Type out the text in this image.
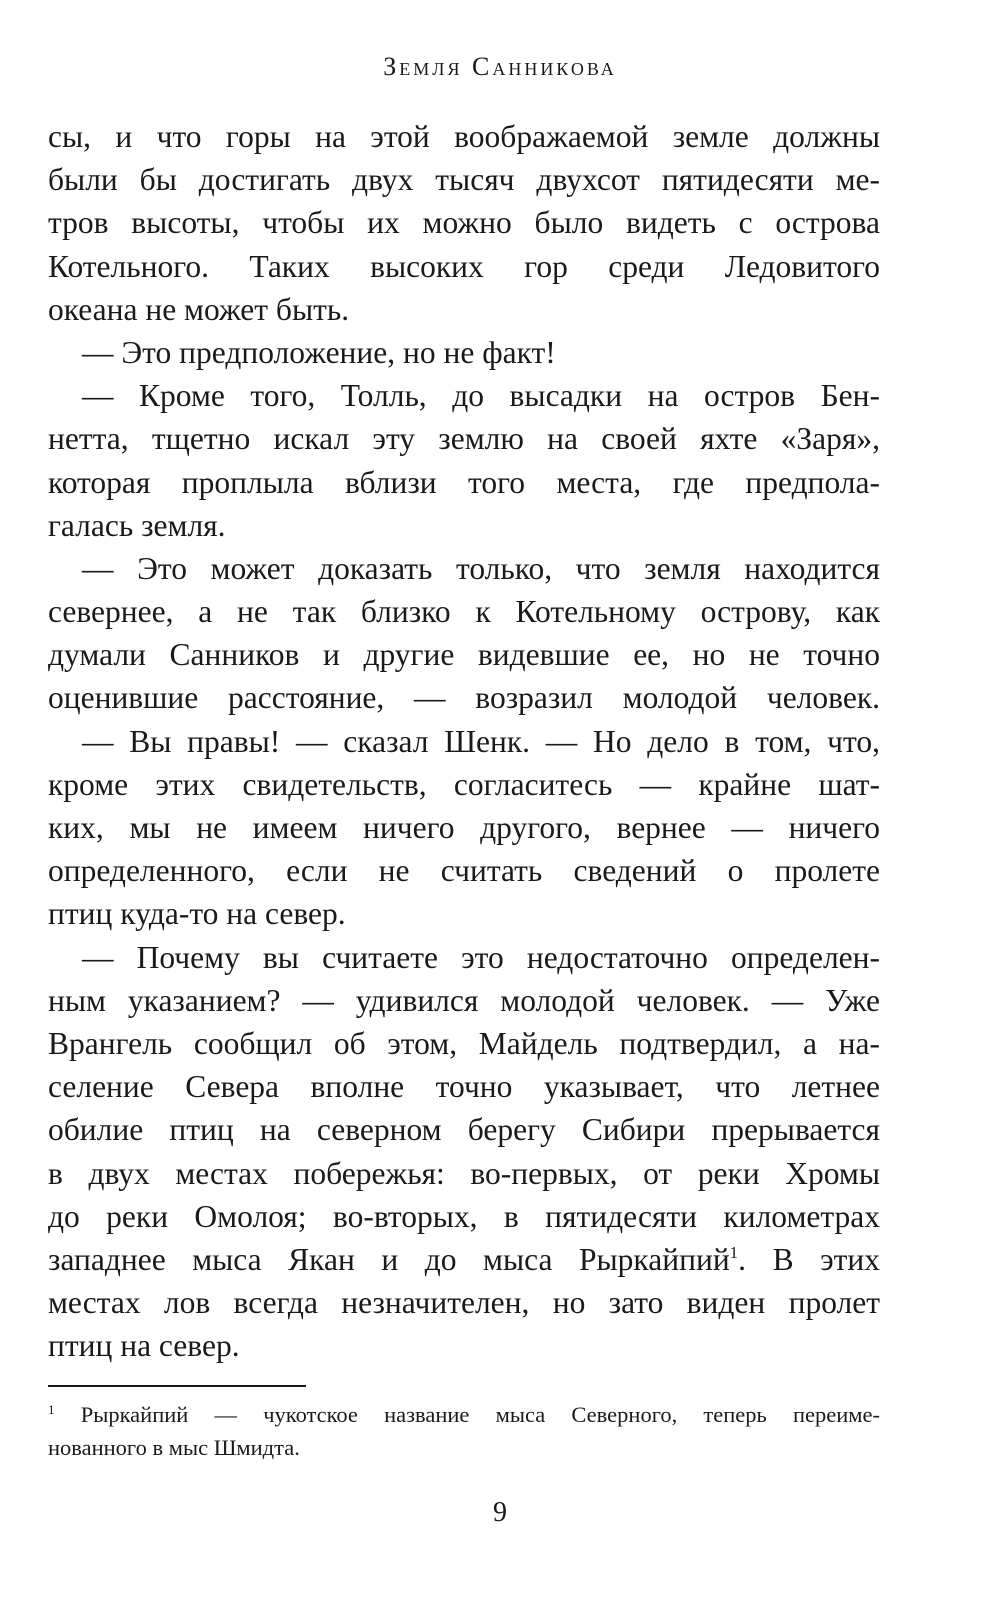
Земля Санникова
сы, и что горы на этой воображаемой земле должны
были бы достигать двух тысяч двухсот пятидесяти ме-
тров высоты, чтобы их можно было видеть с острова
Котельного. Таких высоких гор среди Ледовитого
океана не может быть.
— Это предположение, но не факт!
— Кроме того, Толль, до высадки на остров Бен-
нетта, тщетно искал эту землю на своей яхте «Заря»,
которая проплыла вблизи того места, где предпола-
галась земля.
— Это может доказать только, что земля находится
севернее, а не так близко к Котельному острову, как
думали Санников и другие видевшие ее, но не точно
оценившие расстояние, — возразил молодой человек.
— Вы правы! — сказал Шенк. — Но дело в том, что,
кроме этих свидетельств, согласитесь — крайне шат-
ких, мы не имеем ничего другого, вернее — ничего
определенного, если не считать сведений о пролете
птиц куда-то на север.
— Почему вы считаете это недостаточно определен-
ным указанием? — удивился молодой человек. — Уже
Врангель сообщил об этом, Майдель подтвердил, а на-
селение Севера вполне точно указывает, что летнее
обилие птиц на северном берегу Сибири прерывается
в двух местах побережья: во-первых, от реки Хромы
до реки Омолоя; во-вторых, в пятидесяти километрах
западнее мыса Якан и до мыса Рыркайпий$^1$. В этих
местах лов всегда незначителен, но зато виден пролет
птиц на север.
$^1$ Рыркайпий — чукотское название мыса Северного, теперь переиме-
нованного в мыс Шмидта.
9
